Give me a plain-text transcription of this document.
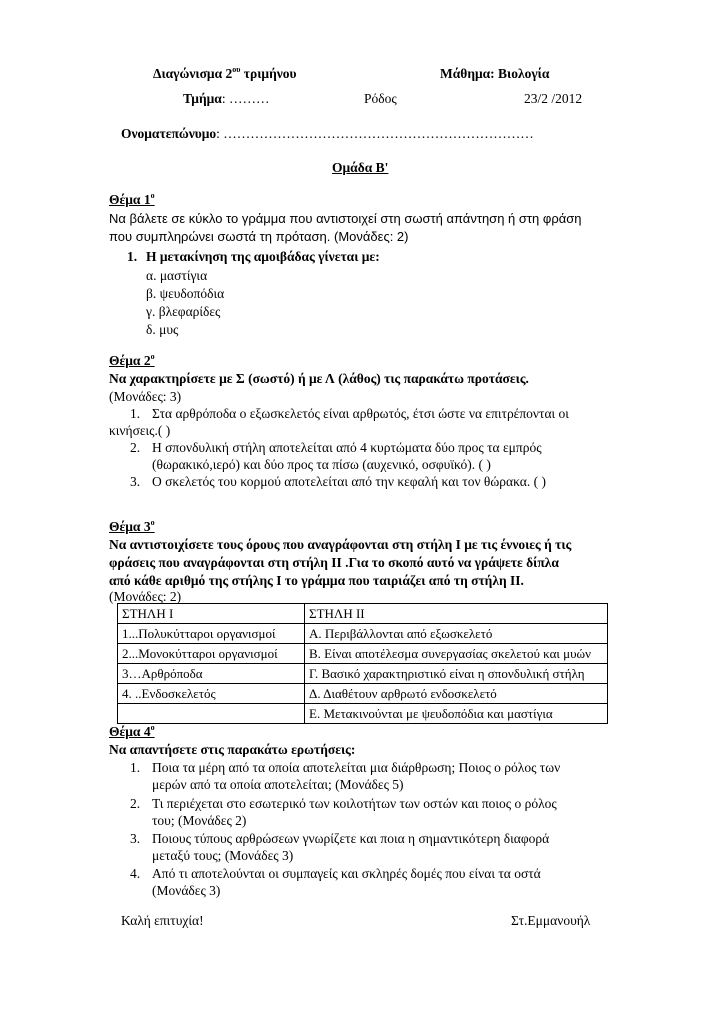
Διαγώνισμα $2^{o\upsilon}$ τριμήνου	Μάθημα: Βιολογία
Τμήμα: ………	Ρόδος	23/2 /2012
Ονοματεπώνυμο: ……………………………………………………………
Ομάδα Β'
Θέμα $1^o$
Να βάλετε σε κύκλο το γράμμα που αντιστοιχεί στη σωστή απάντηση ή στη φράση
που συμπληρώνει σωστά τη πρόταση. (Μονάδες: 2)
1. Η μετακίνηση της αμοιβάδας γίνεται με:
α. μαστίγια
β. ψευδοπόδια
γ. βλεφαρίδες
δ. μυς
Θέμα $2^o$
Να χαρακτηρίσετε με Σ (σωστό) ή με Λ (λάθος) τις παρακάτω προτάσεις.
(Μονάδες: 3)
1. Στα αρθρόποδα ο εξωσκελετός είναι αρθρωτός, έτσι ώστε να επιτρέπονται οι
κινήσεις.( )
2. Η σπονδυλική στήλη αποτελείται από 4 κυρτώματα δύο προς τα εμπρός
(θωρακικό,ιερό) και δύο προς τα πίσω (αυχενικό, οσφυϊκό). ( )
3. Ο σκελετός του κορμού αποτελείται από την κεφαλή και τον θώρακα. ( )
Θέμα $3^o$
Να αντιστοιχίσετε τους όρους που αναγράφονται στη στήλη Ι με τις έννοιες ή τις
φράσεις που αναγράφονται στη στήλη ΙΙ .Για το σκοπό αυτό να γράψετε δίπλα
από κάθε αριθμό της στήλης Ι το γράμμα που ταιριάζει από τη στήλη ΙΙ.
(Μονάδες: 2)
ΣΤΗΛΗ Ι	ΣΤΗΛΗ ΙΙ
1...Πολυκύτταροι οργανισμοί	Α. Περιβάλλονται από εξωσκελετό
2...Μονοκύτταροι οργανισμοί	Β. Είναι αποτέλεσμα συνεργασίας σκελετού και μυών
3…Αρθρόποδα	Γ. Βασικό χαρακτηριστικό είναι η σπονδυλική στήλη
4. ..Ενδοσκελετός	Δ. Διαθέτουν αρθρωτό ενδοσκελετό
	Ε. Μετακινούνται με ψευδοπόδια και μαστίγια
Θέμα $4^o$
Να απαντήσετε στις παρακάτω ερωτήσεις:
1. Ποια τα μέρη από τα οποία αποτελείται μια διάρθρωση; Ποιος ο ρόλος των
μερών από τα οποία αποτελείται; (Μονάδες 5)
2. Τι περιέχεται στο εσωτερικό των κοιλοτήτων των οστών και ποιος ο ρόλος
του; (Μονάδες 2)
3. Ποιους τύπους αρθρώσεων γνωρίζετε και ποια η σημαντικότερη διαφορά
μεταξύ τους; (Μονάδες 3)
4. Από τι αποτελούνται οι συμπαγείς και σκληρές δομές που είναι τα οστά
(Μονάδες 3)
Καλή επιτυχία!	Στ.Εμμανουήλ
